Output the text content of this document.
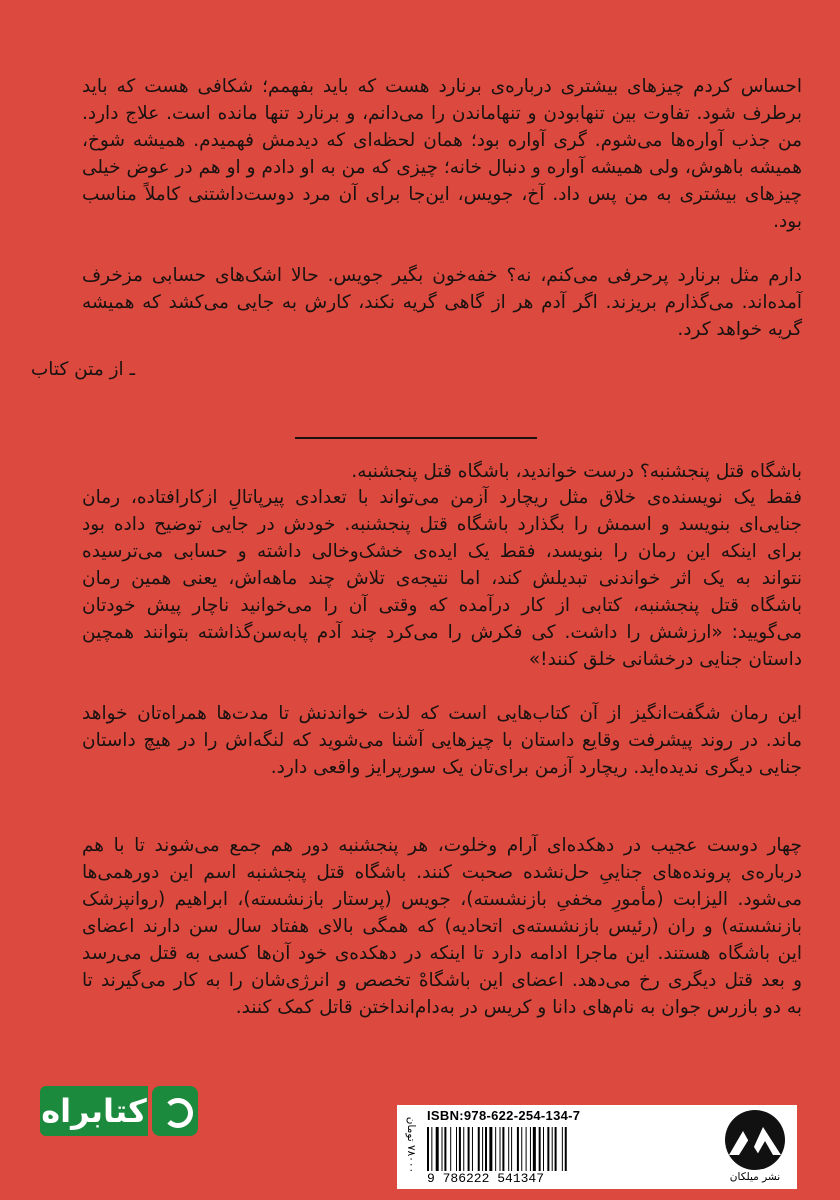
احساس کردم چیزهای بیشتری درباره‌ی برنارد هست که باید بفهمم؛ شکافی هست که باید
برطرف شود. تفاوت بین تنهابودن و تنهاماندن را می‌دانم، و برنارد تنها مانده است. علاج دارد.
من جذب آواره‌ها می‌شوم. گری آواره بود؛ همان لحظه‌ای که دیدمش فهمیدم. همیشه شوخ،
همیشه باهوش، ولی همیشه آواره و دنبال خانه؛ چیزی که من به او دادم و او هم در عوض خیلی
چیزهای بیشتری به من پس داد. آخ، جویس، این‌جا برای آن مرد دوست‌داشتنی کاملاً مناسب
بود.
دارم مثل برنارد پرحرفی می‌کنم، نه؟ خفه‌خون بگیر جویس. حالا اشک‌های حسابی مزخرف
آمده‌اند. می‌گذارم بریزند. اگر آدم هر از گاهی گریه نکند، کارش به جایی می‌کشد که همیشه
گریه خواهد کرد.

ـ از متن کتاب

باشگاه قتل پنجشنبه؟ درست خواندید، باشگاه قتل پنجشنبه.
فقط یک نویسنده‌ی خلاق مثل ریچارد آزمن می‌تواند با تعدادی پیرپاتالِ ازکارافتاده، رمان
جنایی‌ای بنویسد و اسمش را بگذارد باشگاه قتل پنجشنبه. خودش در جایی توضیح داده بود
برای اینکه این رمان را بنویسد، فقط یک ایده‌ی خشک‌وخالی داشته و حسابی می‌ترسیده
نتواند به یک اثر خواندنی تبدیلش کند، اما نتیجه‌ی تلاش چند ماهه‌اش، یعنی همین رمان
باشگاه قتل پنجشنبه، کتابی از کار درآمده که وقتی آن را می‌خوانید ناچار پیش خودتان
می‌گویید: «ارزشش را داشت. کی فکرش را می‌کرد چند آدم پابه‌سن‌گذاشته بتوانند همچین
داستان جنایی درخشانی خلق کنند!»
این رمان شگفت‌انگیز از آن کتاب‌هایی است که لذت خواندنش تا مدت‌ها همراه‌تان خواهد
ماند. در روند پیشرفت وقایع داستان با چیزهایی آشنا می‌شوید که لنگه‌اش را در هیچ داستان
جنایی دیگری ندیده‌اید. ریچارد آزمن برای‌تان یک سورپرایز واقعی دارد.
چهار دوست عجیب در دهکده‌ای آرام وخلوت، هر پنجشنبه دور هم جمع می‌شوند تا با هم
درباره‌ی پرونده‌های جناییِ حل‌نشده صحبت کنند. باشگاه قتل پنجشنبه اسم این دورهمی‌ها
می‌شود. الیزابت (مأمورِ مخفیِ بازنشسته)، جویس (پرستار بازنشسته)، ابراهیم (روانپزشک
بازنشسته) و ران (رئیس بازنشسته‌ی اتحادیه) که همگی بالای هفتاد سال سن دارند اعضای
این باشگاه هستند. این ماجرا ادامه دارد تا اینکه در دهکده‌ی خود آن‌ها کسی به قتل می‌رسد
و بعد قتل دیگری رخ می‌دهد. اعضای این باشگاهْ تخصص و انرژی‌شان را به کار می‌گیرند تا
به دو بازرس جوان به نام‌های دانا و کریس در به‌دام‌انداختن قاتل کمک کنند.
کتابراه
۷۸۰۰۰ تومان
ISBN:978-622-254-134-7
9 786222 541347	نشر میلکان
